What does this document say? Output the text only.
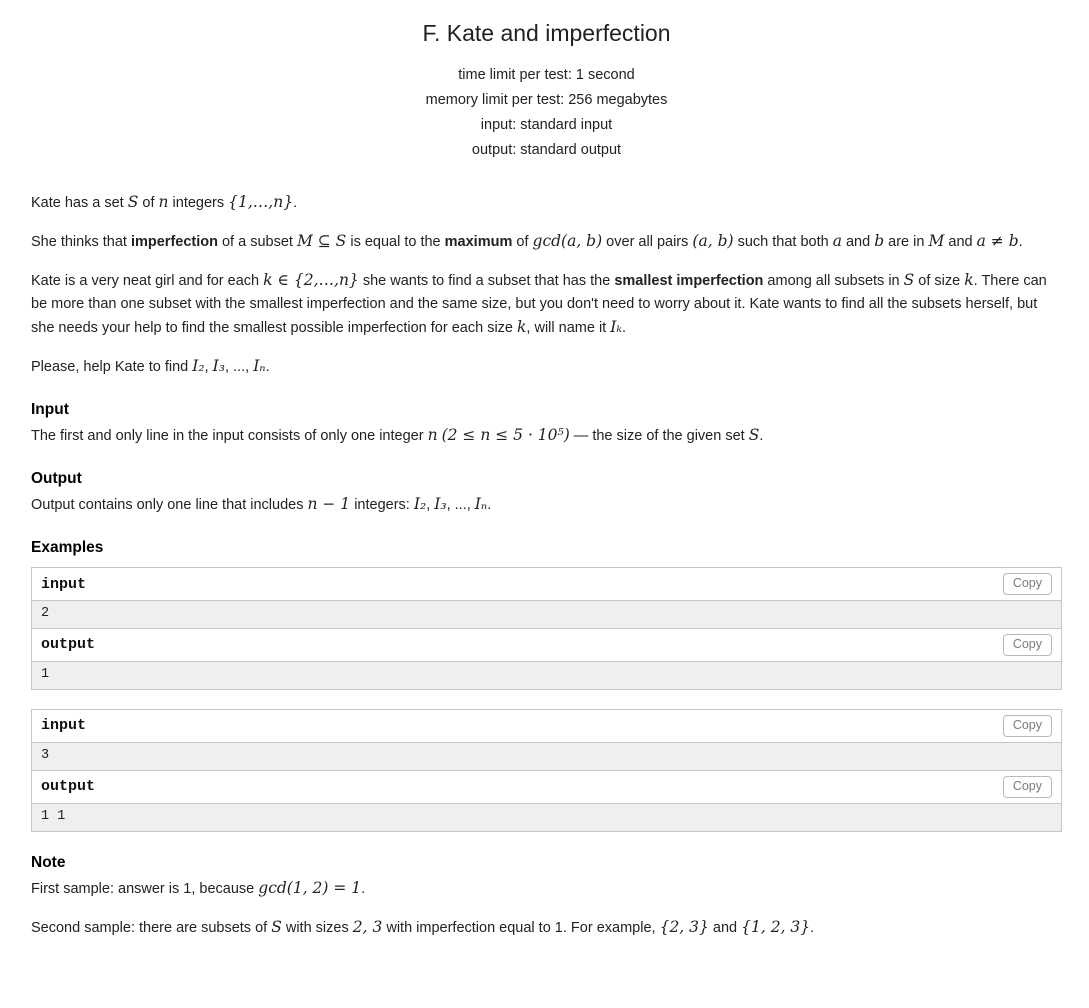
F. Kate and imperfection
time limit per test: 1 second
memory limit per test: 256 megabytes
input: standard input
output: standard output

Kate has a set S of n integers {1,…,n}.

She thinks that imperfection of a subset M ⊆ S is equal to the maximum of gcd(a, b) over all pairs (a, b) such that both a and b are in M and a ≠ b.

Kate is a very neat girl and for each k ∈ {2,…,n} she wants to find a subset that has the smallest imperfection among all subsets in S of size k. There can be more than one subset with the smallest imperfection and the same size, but you don't need to worry about it. Kate wants to find all the subsets herself, but she needs your help to find the smallest possible imperfection for each size k, will name it Iₖ.

Please, help Kate to find I₂, I₃, ..., Iₙ.

Input

The first and only line in the input consists of only one integer n (2 ≤ n ≤ 5 · 10⁵) — the size of the given set S.

Output

Output contains only one line that includes n − 1 integers: I₂, I₃, ..., Iₙ.

Examples
input	Copy
2
output	Copy
1
input	Copy
3
output	Copy
1 1
Note

First sample: answer is 1, because gcd(1, 2) = 1.

Second sample: there are subsets of S with sizes 2, 3 with imperfection equal to 1. For example, {2, 3} and {1, 2, 3}.
